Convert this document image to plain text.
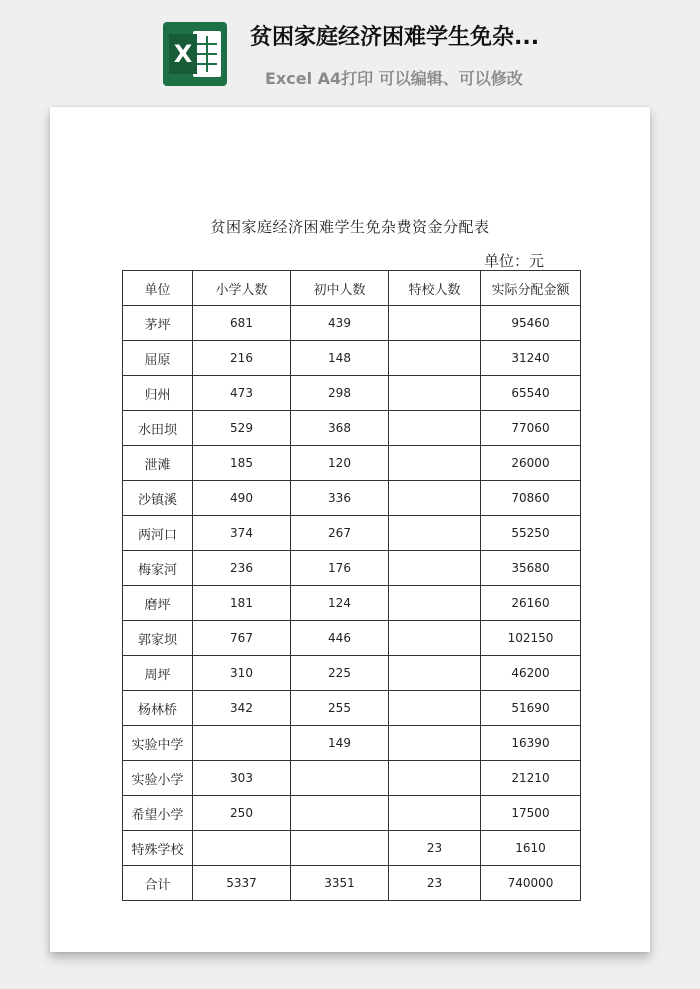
X
贫困家庭经济困难学生免杂...
Excel A4打印 可以编辑、可以修改
贫困家庭经济困难学生免杂费资金分配表
单位：元
单位	小学人数	初中人数	特校人数	实际分配金额
茅坪	681	439		95460
屈原	216	148		31240
归州	473	298		65540
水田坝	529	368		77060
泄滩	185	120		26000
沙镇溪	490	336		70860
两河口	374	267		55250
梅家河	236	176		35680
磨坪	181	124		26160
郭家坝	767	446		102150
周坪	310	225		46200
杨林桥	342	255		51690
实验中学		149		16390
实验小学	303			21210
希望小学	250			17500
特殊学校			23	1610
合计	5337	3351	23	740000
